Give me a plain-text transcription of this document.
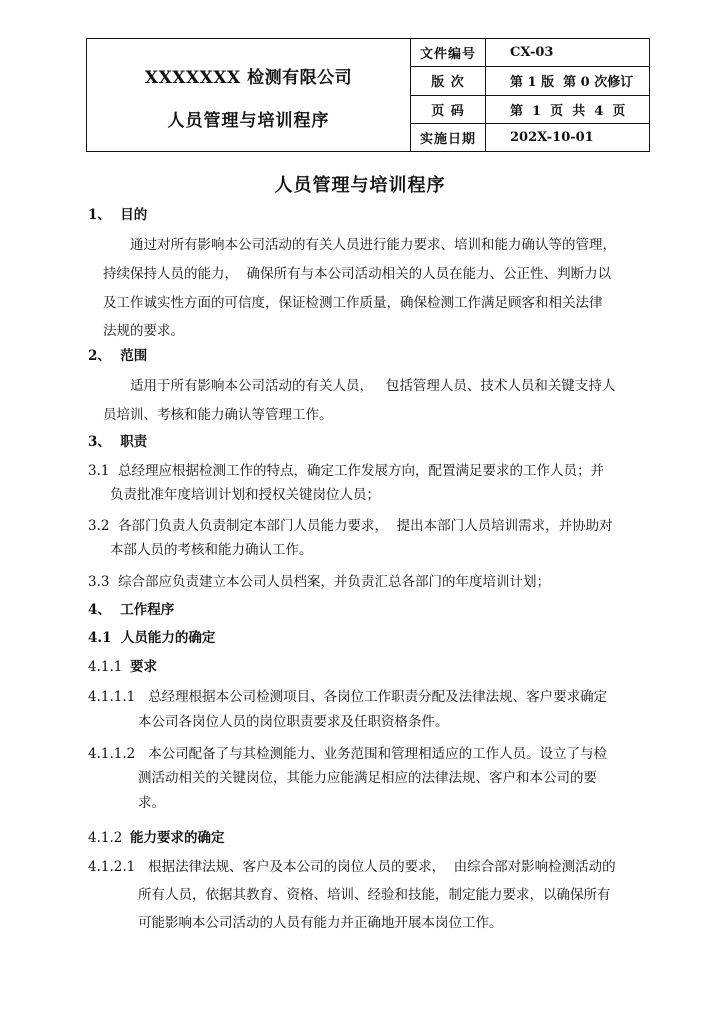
XXXXXXX 检测有限公司
人员管理与培训程序
文件编号	CX-03
版 次	第 1 版  第 0 次修订
页 码	第  1  页  共  4  页
实施日期	202X-10-01
人员管理与培训程序
1、  目的
通过对所有影响本公司活动的有关人员进行能力要求、培训和能力确认等的管理，
持续保持人员的能力，  确保所有与本公司活动相关的人员在能力、公正性、判断力以
及工作诚实性方面的可信度，保证检测工作质量，确保检测工作满足顾客和相关法律
法规的要求。
2、  范围
适用于所有影响本公司活动的有关人员，   包括管理人员、技术人员和关键支持人
员培训、考核和能力确认等管理工作。
3、  职责
3.1  总经理应根据检测工作的特点，确定工作发展方向，配置满足要求的工作人员；并
负责批准年度培训计划和授权关键岗位人员；
3.2  各部门负责人负责制定本部门人员能力要求，  提出本部门人员培训需求，并协助对
本部人员的考核和能力确认工作。
3.3  综合部应负责建立本公司人员档案，并负责汇总各部门的年度培训计划；
4、  工作程序
4.1  人员能力的确定
4.1.1 要求
4.1.1.1   总经理根据本公司检测项目、各岗位工作职责分配及法律法规、客户要求确定
本公司各岗位人员的岗位职责要求及任职资格条件。
4.1.1.2   本公司配备了与其检测能力、业务范围和管理相适应的工作人员。设立了与检
测活动相关的关键岗位，其能力应能满足相应的法律法规、客户和本公司的要
求。
4.1.2 能力要求的确定
4.1.2.1   根据法律法规、客户及本公司的岗位人员的要求，  由综合部对影响检测活动的
所有人员，依据其教育、资格、培训、经验和技能，制定能力要求，以确保所有
可能影响本公司活动的人员有能力并正确地开展本岗位工作。
